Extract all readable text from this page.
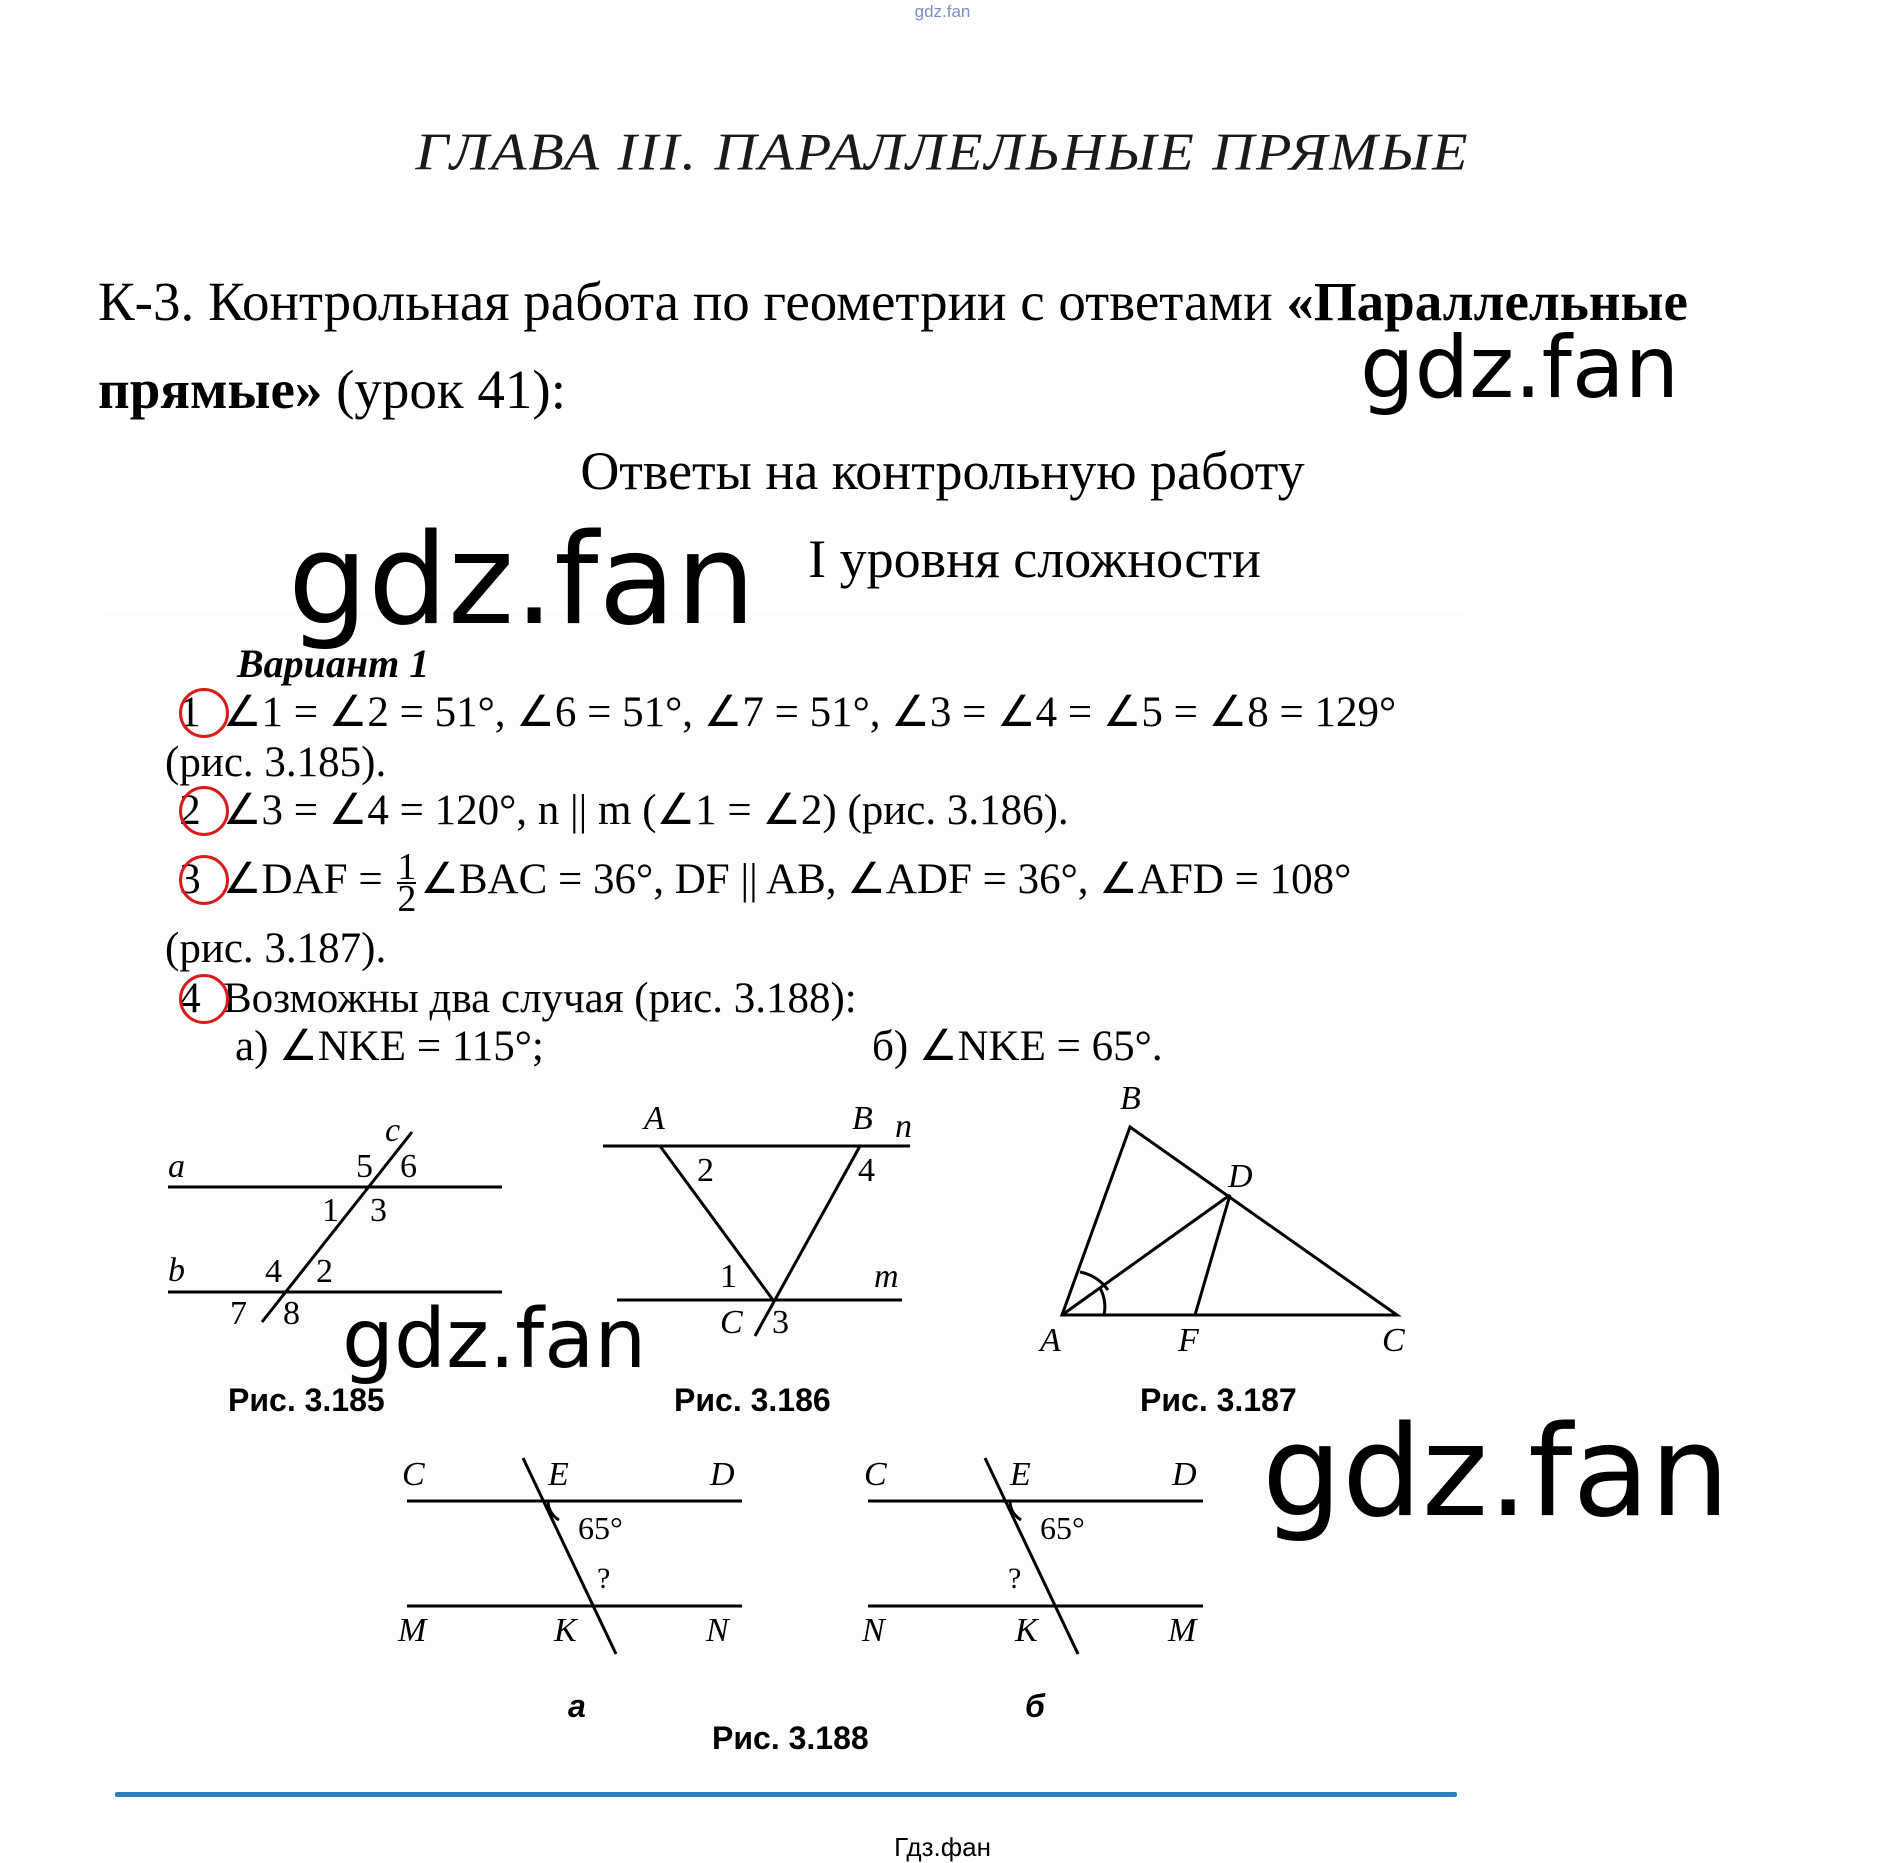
gdz.fan
ГЛАВА III. ПАРАЛЛЕЛЬНЫЕ ПРЯМЫЕ
К-3. Контрольная работа по геометрии с ответами «Параллельные прямые» (урок 41):
Ответы на контрольную работу
I уровня сложности
Вариант 1
1 ∠1 = ∠2 = 51°, ∠6 = 51°, ∠7 = 51°, ∠3 = ∠4 = ∠5 = ∠8 = 129°
(рис. 3.185).
2 ∠3 = ∠4 = 120°, n || m (∠1 = ∠2) (рис. 3.186).
3 ∠DAF = $\frac{1}{2}$ ∠BAC = 36°, DF || AB, ∠ADF = 36°, ∠AFD = 108°
(рис. 3.187).
4 Возможны два случая (рис. 3.188):
а) ∠NKE = 115°;	б) ∠NKE = 65°.
a
b
c
5 6
1 3
4 2
7 8
Рис. 3.185
A	B n
2	4
1	m
C 3
Рис. 3.186
B
D
A	F	C
Рис. 3.187
C	E	D
65°
?
M	K	N
а
C	E	D
65°
?
N	K	M
б
Рис. 3.188
gdz.fan
gdz.fan
gdz.fan
gdz.fan
Гдз.фан
